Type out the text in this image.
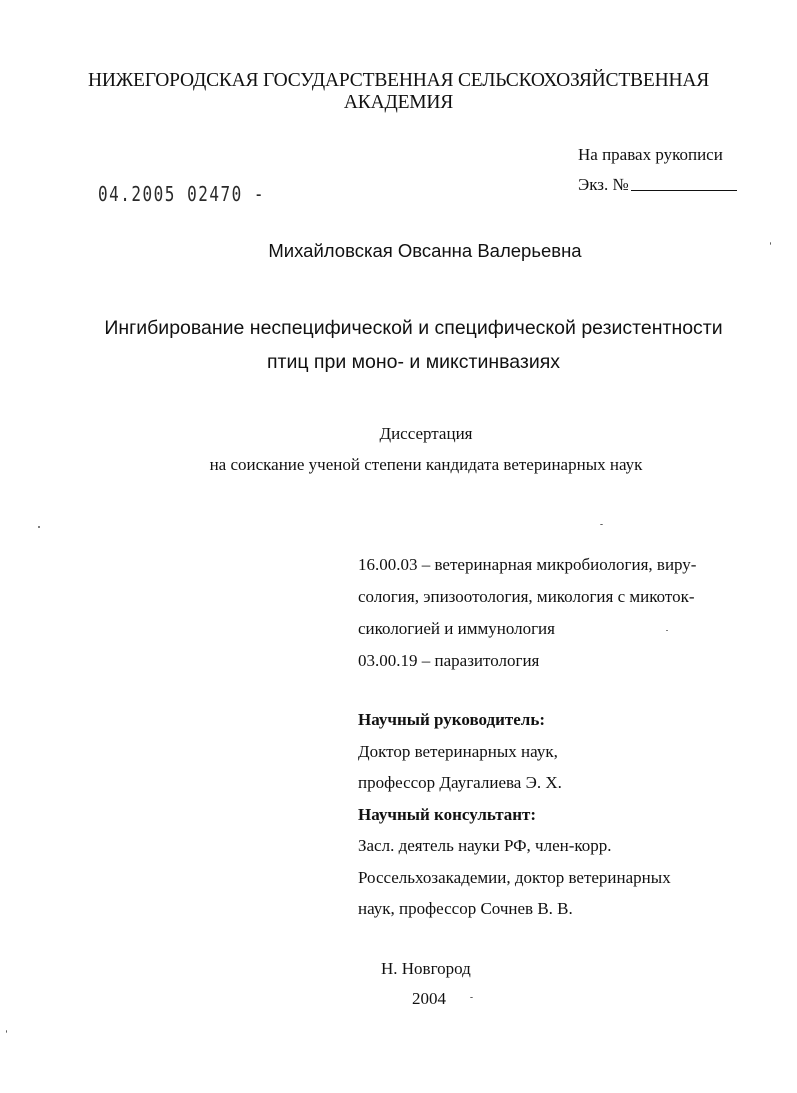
НИЖЕГОРОДСКАЯ ГОСУДАРСТВЕННАЯ СЕЛЬСКОХОЗЯЙСТВЕННАЯ
АКАДЕМИЯ
На правах рукописи
Экз. №
04.2005 02470 -
Михайловская Овсанна Валерьевна
Ингибирование неспецифической и специфической резистентности
птиц при моно- и микстинвазиях
Диссертация
на соискание ученой степени кандидата ветеринарных наук
16.00.03 – ветеринарная микробиология, виру-
сология, эпизоотология, микология с микоток-
сикологией и иммунология
03.00.19 – паразитология
Научный руководитель:
Доктор ветеринарных наук,
профессор Даугалиева Э. Х.
Научный консультант:
Засл. деятель науки РФ, член-корр.
Россельхозакадемии, доктор ветеринарных
наук, профессор Сочнев В. В.
Н. Новгород
2004
